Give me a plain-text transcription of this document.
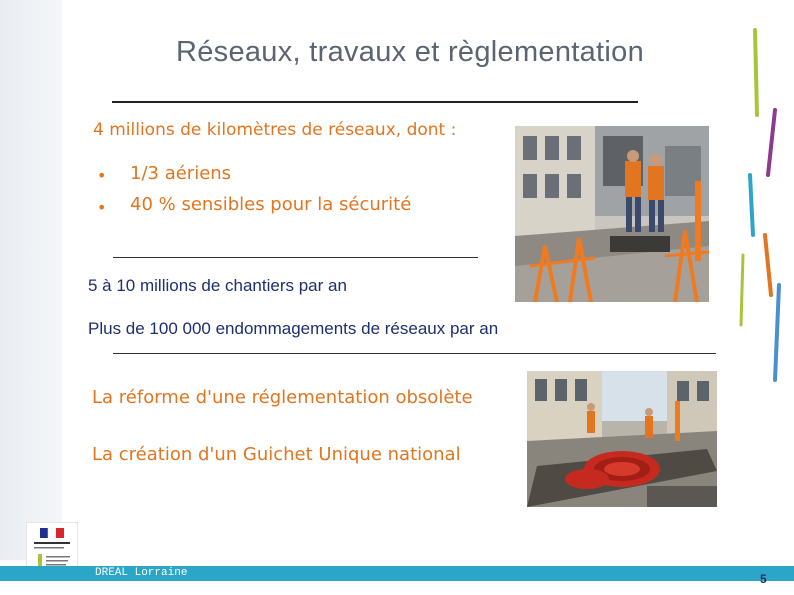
Réseaux, travaux et règlementation
4 millions de kilomètres de réseaux, dont :
• 1/3 aériens
• 40 % sensibles pour la sécurité
5 à 10 millions de chantiers par an
Plus de 100 000 endommagements de réseaux par an
La réforme d'une réglementation obsolète
La création d'un Guichet Unique national
DREAL Lorraine	5
